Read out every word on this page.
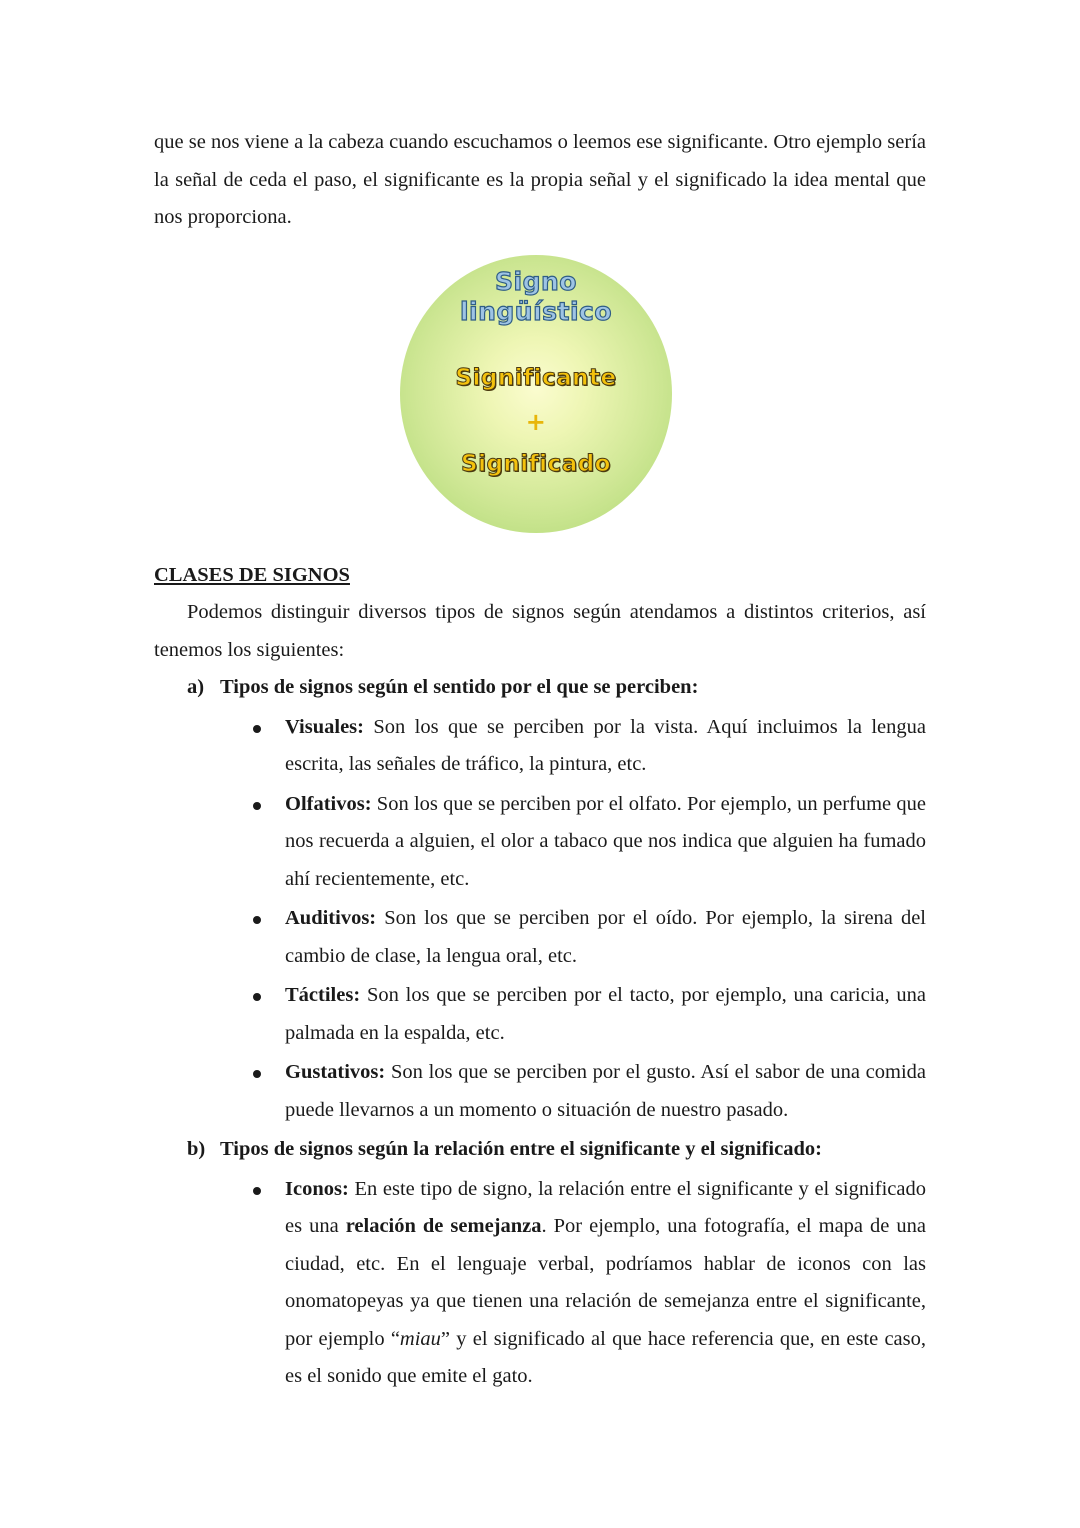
que se nos viene a la cabeza cuando escuchamos o leemos ese significante. Otro ejemplo sería la señal de ceda el paso, el significante es la propia señal y el significado la idea mental que nos proporciona.

Signo
lingüístico
Significante
+
Significado
CLASES DE SIGNOS

Podemos distinguir diversos tipos de signos según atendamos a distintos criterios, así tenemos los siguientes:

a) Tipos de signos según el sentido por el que se perciben:

Visuales: Son los que se perciben por la vista. Aquí incluimos la lengua escrita, las señales de tráfico, la pintura, etc.

Olfativos: Son los que se perciben por el olfato. Por ejemplo, un perfume que nos recuerda a alguien, el olor a tabaco que nos indica que alguien ha fumado ahí recientemente, etc.

Auditivos: Son los que se perciben por el oído. Por ejemplo, la sirena del cambio de clase, la lengua oral, etc.

Táctiles: Son los que se perciben por el tacto, por ejemplo, una caricia, una palmada en la espalda, etc.

Gustativos: Son los que se perciben por el gusto. Así el sabor de una comida puede llevarnos a un momento o situación de nuestro pasado.

b) Tipos de signos según la relación entre el significante y el significado:

Iconos: En este tipo de signo, la relación entre el significante y el significado es una relación de semejanza. Por ejemplo, una fotografía, el mapa de una ciudad, etc. En el lenguaje verbal, podríamos hablar de iconos con las onomatopeyas ya que tienen una relación de semejanza entre el significante, por ejemplo “miau” y el significado al que hace referencia que, en este caso, es el sonido que emite el gato.
